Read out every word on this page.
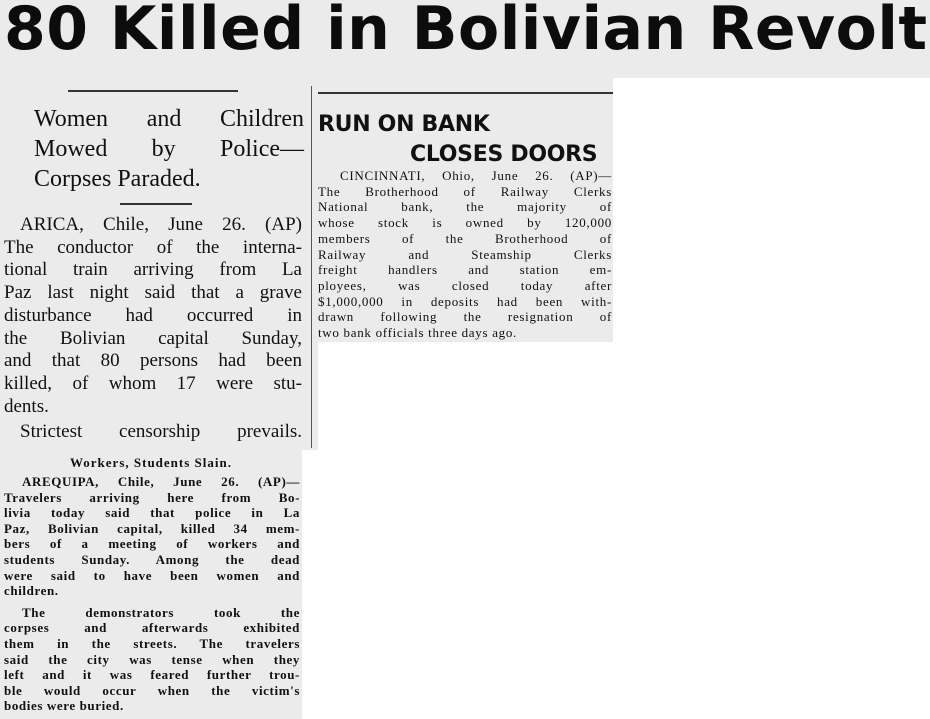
80 Killed in Bolivian Revolt
Women and Children
Mowed by Police—
Corpses Paraded.
ARICA, Chile, June 26. (AP)
The conductor of the interna-
tional train arriving from La
Paz last night said that a grave
disturbance had occurred in
the Bolivian capital Sunday,
and that 80 persons had been
killed, of whom 17 were stu-
dents.
Strictest censorship prevails.
RUN ON BANK
CLOSES DOORS
CINCINNATI, Ohio, June 26. (AP)—
The Brotherhood of Railway Clerks
National bank, the majority of
whose stock is owned by 120,000
members of the Brotherhood of
Railway and Steamship Clerks
freight handlers and station em-
ployees, was closed today after
$1,000,000 in deposits had been with-
drawn following the resignation of
two bank officials three days ago.
Workers, Students Slain.
AREQUIPA, Chile, June 26. (AP)—
Travelers arriving here from Bo-
livia today said that police in La
Paz, Bolivian capital, killed 34 mem-
bers of a meeting of workers and
students Sunday. Among the dead
were said to have been women and
children.
The demonstrators took the
corpses and afterwards exhibited
them in the streets. The travelers
said the city was tense when they
left and it was feared further trou-
ble would occur when the victim's
bodies were buried.
